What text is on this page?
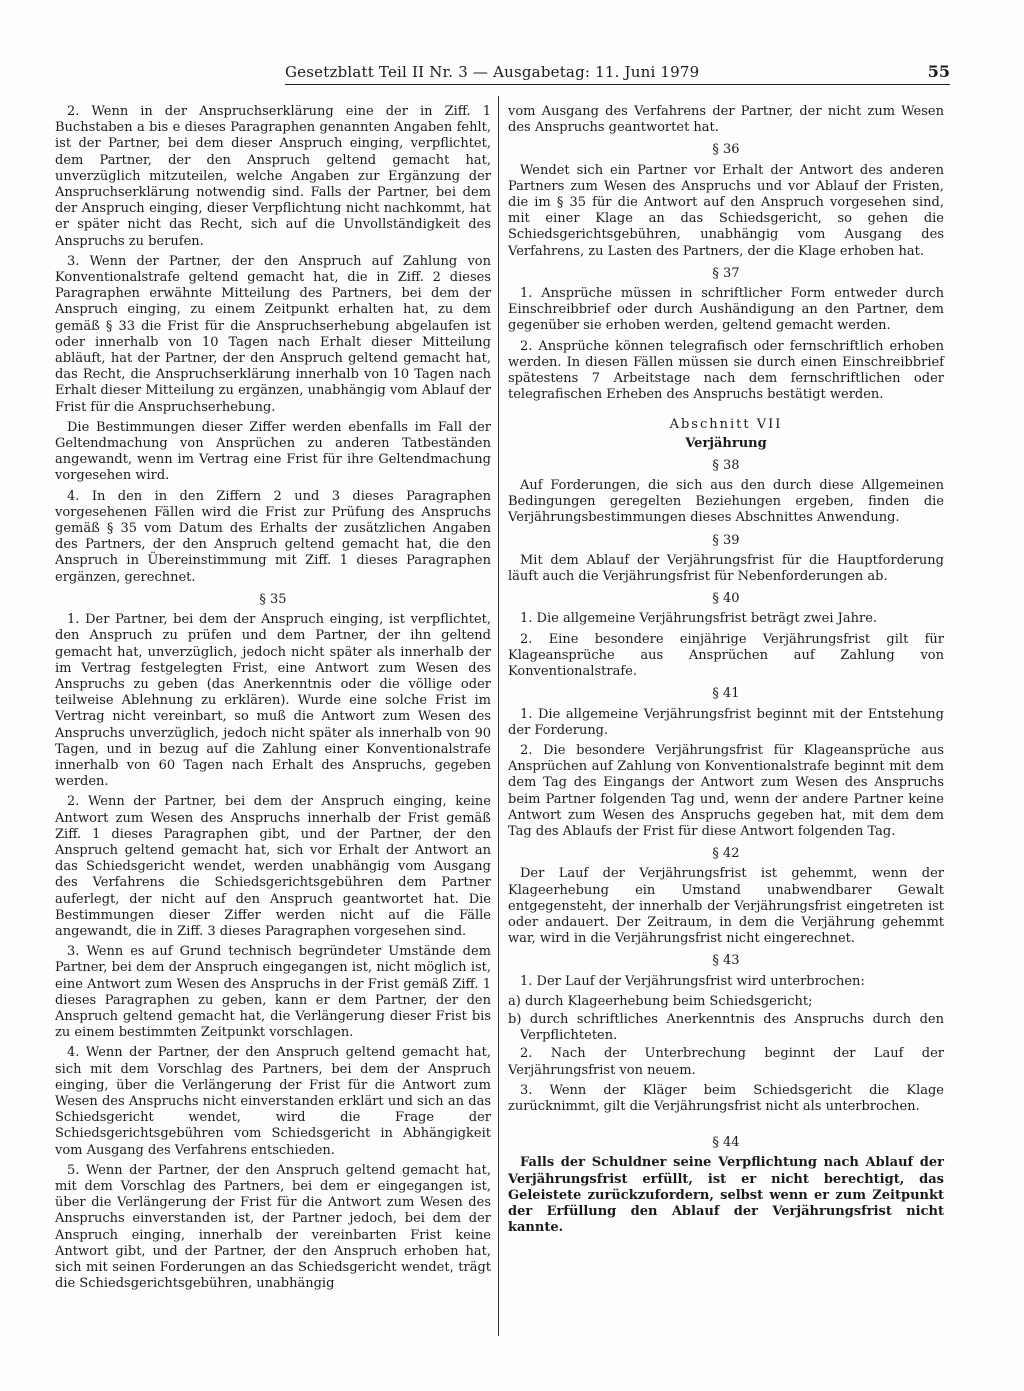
Gesetzblatt Teil II Nr. 3 — Ausgabetag: 11. Juni 1979	55

2. Wenn in der Anspruchserklärung eine der in Ziff. 1 Buchstaben a bis e dieses Paragraphen genannten Angaben fehlt, ist der Partner, bei dem dieser Anspruch einging, verpflichtet, dem Partner, der den Anspruch geltend gemacht hat, unverzüglich mitzuteilen, welche Angaben zur Ergänzung der Anspruchserklärung notwendig sind. Falls der Partner, bei dem der Anspruch einging, dieser Verpflichtung nicht nachkommt, hat er später nicht das Recht, sich auf die Unvollständigkeit des Anspruchs zu berufen.

3. Wenn der Partner, der den Anspruch auf Zahlung von Konventionalstrafe geltend gemacht hat, die in Ziff. 2 dieses Paragraphen erwähnte Mitteilung des Partners, bei dem der Anspruch einging, zu einem Zeitpunkt erhalten hat, zu dem gemäß § 33 die Frist für die Anspruchserhebung abgelaufen ist oder innerhalb von 10 Tagen nach Erhalt dieser Mitteilung abläuft, hat der Partner, der den Anspruch geltend gemacht hat, das Recht, die Anspruchserklärung innerhalb von 10 Tagen nach Erhalt dieser Mitteilung zu ergänzen, unabhängig vom Ablauf der Frist für die Anspruchserhebung.

Die Bestimmungen dieser Ziffer werden ebenfalls im Fall der Geltendmachung von Ansprüchen zu anderen Tatbeständen angewandt, wenn im Vertrag eine Frist für ihre Geltendmachung vorgesehen wird.

4. In den in den Ziffern 2 und 3 dieses Paragraphen vorgesehenen Fällen wird die Frist zur Prüfung des Anspruchs gemäß § 35 vom Datum des Erhalts der zusätzlichen Angaben des Partners, der den Anspruch geltend gemacht hat, die den Anspruch in Übereinstimmung mit Ziff. 1 dieses Paragraphen ergänzen, gerechnet.

§ 35

1. Der Partner, bei dem der Anspruch einging, ist verpflichtet, den Anspruch zu prüfen und dem Partner, der ihn geltend gemacht hat, unverzüglich, jedoch nicht später als innerhalb der im Vertrag festgelegten Frist, eine Antwort zum Wesen des Anspruchs zu geben (das Anerkenntnis oder die völlige oder teilweise Ablehnung zu erklären). Wurde eine solche Frist im Vertrag nicht vereinbart, so muß die Antwort zum Wesen des Anspruchs unverzüglich, jedoch nicht später als innerhalb von 90 Tagen, und in bezug auf die Zahlung einer Konventionalstrafe innerhalb von 60 Tagen nach Erhalt des Anspruchs, gegeben werden.

2. Wenn der Partner, bei dem der Anspruch einging, keine Antwort zum Wesen des Anspruchs innerhalb der Frist gemäß Ziff. 1 dieses Paragraphen gibt, und der Partner, der den Anspruch geltend gemacht hat, sich vor Erhalt der Antwort an das Schiedsgericht wendet, werden unabhängig vom Ausgang des Verfahrens die Schiedsgerichtsgebühren dem Partner auferlegt, der nicht auf den Anspruch geantwortet hat. Die Bestimmungen dieser Ziffer werden nicht auf die Fälle angewandt, die in Ziff. 3 dieses Paragraphen vorgesehen sind.

3. Wenn es auf Grund technisch begründeter Umstände dem Partner, bei dem der Anspruch eingegangen ist, nicht möglich ist, eine Antwort zum Wesen des Anspruchs in der Frist gemäß Ziff. 1 dieses Paragraphen zu geben, kann er dem Partner, der den Anspruch geltend gemacht hat, die Verlängerung dieser Frist bis zu einem bestimmten Zeitpunkt vorschlagen.

4. Wenn der Partner, der den Anspruch geltend gemacht hat, sich mit dem Vorschlag des Partners, bei dem der Anspruch einging, über die Verlängerung der Frist für die Antwort zum Wesen des Anspruchs nicht einverstanden erklärt und sich an das Schiedsgericht wendet, wird die Frage der Schiedsgerichtsgebühren vom Schiedsgericht in Abhängigkeit vom Ausgang des Verfahrens entschieden.

5. Wenn der Partner, der den Anspruch geltend gemacht hat, mit dem Vorschlag des Partners, bei dem er eingegangen ist, über die Verlängerung der Frist für die Antwort zum Wesen des Anspruchs einverstanden ist, der Partner jedoch, bei dem der Anspruch einging, innerhalb der vereinbarten Frist keine Antwort gibt, und der Partner, der den Anspruch erhoben hat, sich mit seinen Forderungen an das Schiedsgericht wendet, trägt die Schiedsgerichtsgebühren, unabhängig

vom Ausgang des Verfahrens der Partner, der nicht zum Wesen des Anspruchs geantwortet hat.

§ 36

Wendet sich ein Partner vor Erhalt der Antwort des anderen Partners zum Wesen des Anspruchs und vor Ablauf der Fristen, die im § 35 für die Antwort auf den Anspruch vorgesehen sind, mit einer Klage an das Schiedsgericht, so gehen die Schiedsgerichtsgebühren, unabhängig vom Ausgang des Verfahrens, zu Lasten des Partners, der die Klage erhoben hat.

§ 37

1. Ansprüche müssen in schriftlicher Form entweder durch Einschreibbrief oder durch Aushändigung an den Partner, dem gegenüber sie erhoben werden, geltend gemacht werden.

2. Ansprüche können telegrafisch oder fernschriftlich erhoben werden. In diesen Fällen müssen sie durch einen Einschreibbrief spätestens 7 Arbeitstage nach dem fernschriftlichen oder telegrafischen Erheben des Anspruchs bestätigt werden.

Abschnitt VII

Verjährung

§ 38

Auf Forderungen, die sich aus den durch diese Allgemeinen Bedingungen geregelten Beziehungen ergeben, finden die Verjährungsbestimmungen dieses Abschnittes Anwendung.

§ 39

Mit dem Ablauf der Verjährungsfrist für die Hauptforderung läuft auch die Verjährungsfrist für Nebenforderungen ab.

§ 40

1. Die allgemeine Verjährungsfrist beträgt zwei Jahre.

2. Eine besondere einjährige Verjährungsfrist gilt für Klageansprüche aus Ansprüchen auf Zahlung von Konventionalstrafe.

§ 41

1. Die allgemeine Verjährungsfrist beginnt mit der Entstehung der Forderung.

2. Die besondere Verjährungsfrist für Klageansprüche aus Ansprüchen auf Zahlung von Konventionalstrafe beginnt mit dem dem Tag des Eingangs der Antwort zum Wesen des Anspruchs beim Partner folgenden Tag und, wenn der andere Partner keine Antwort zum Wesen des Anspruchs gegeben hat, mit dem dem Tag des Ablaufs der Frist für diese Antwort folgenden Tag.

§ 42

Der Lauf der Verjährungsfrist ist gehemmt, wenn der Klageerhebung ein Umstand unabwendbarer Gewalt entgegensteht, der innerhalb der Verjährungsfrist eingetreten ist oder andauert. Der Zeitraum, in dem die Verjährung gehemmt war, wird in die Verjährungsfrist nicht eingerechnet.

§ 43

1. Der Lauf der Verjährungsfrist wird unterbrochen:

a) durch Klageerhebung beim Schiedsgericht;

b) durch schriftliches Anerkenntnis des Anspruchs durch den Verpflichteten.

2. Nach der Unterbrechung beginnt der Lauf der Verjährungsfrist von neuem.

3. Wenn der Kläger beim Schiedsgericht die Klage zurücknimmt, gilt die Verjährungsfrist nicht als unterbrochen.

§ 44

Falls der Schuldner seine Verpflichtung nach Ablauf der Verjährungsfrist erfüllt, ist er nicht berechtigt, das Geleistete zurückzufordern, selbst wenn er zum Zeitpunkt der Erfüllung den Ablauf der Verjährungsfrist nicht kannte.
